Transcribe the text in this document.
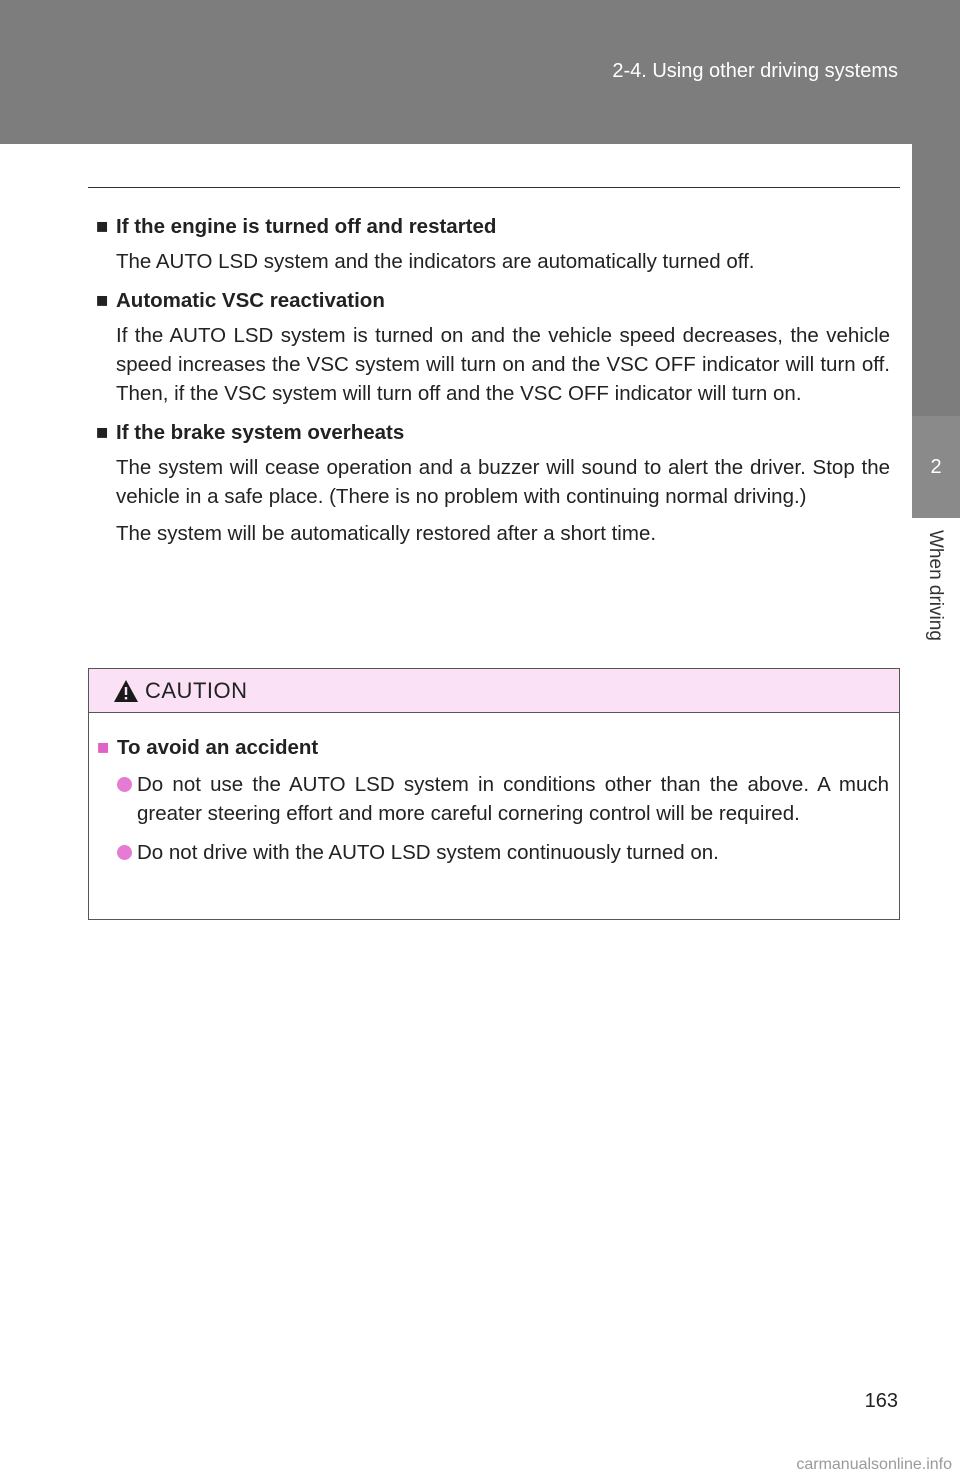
2-4. Using other driving systems
2
When driving
■ If the engine is turned off and restarted

The AUTO LSD system and the indicators are automatically turned off.

■ Automatic VSC reactivation

If the AUTO LSD system is turned on and the vehicle speed decreases, the vehicle speed increases the VSC system will turn on and the VSC OFF indicator will turn off. Then, if the VSC system will turn off and the VSC OFF indicator will turn on.

■ If the brake system overheats

The system will cease operation and a buzzer will sound to alert the driver. Stop the vehicle in a safe place. (There is no problem with continuing normal driving.)

The system will be automatically restored after a short time.

CAUTION
■ To avoid an accident
Do not use the AUTO LSD system in conditions other than the above. A much greater steering effort and more careful cornering control will be required.
Do not drive with the AUTO LSD system continuously turned on.
163
carmanualsonline.info
